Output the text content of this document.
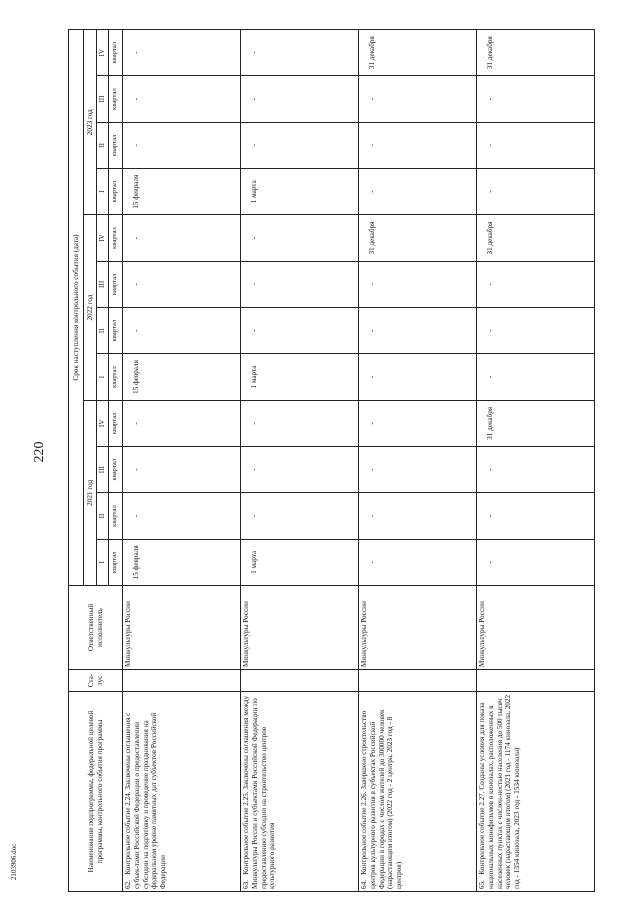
220
2103906.doc	Наименование подпрограммы, федеральной целевой программы, контрольного события программы	Ста-тус	Ответственный исполнитель	Срок наступления контрольного события (дата)											
			2021 год				2022 год				2023 год			
			I	II	III	IV	I	II	III	IV	I	II	III	IV
			квартал	квартал	квартал	квартал	квартал	квартал	квартал	квартал	квартал	квартал	квартал	квартал
62.   Контрольное событие 2.24. Заключены соглашения с субъек-тами Российской Федерации о предоставлении субсидии на подготовку и проведение празднования на федеральном уровне памятных дат субъектов Российской Федерации		Минкультуры России	15 февраля	-	-	-	15 февраля	-	-	-	15 февраля	-	-	-
63.   Контрольное событие 2.25. Заключены соглашения между Минкультуры России и субъектами Российской Федерации по предоставлению субсидии на строительство центров культурного развития		Минкультуры России	1 марта	-	-	-	1 марта	-	-	-	1 марта	-	-	-
64.   Контрольное событие 2.26. Завершено строительство центров культурного развития в субъектах Российской Федерации в городах с числом жителей до 300000 человек (нарастающим итогом) (2022 год - 2 центра, 2023 год - 8 центров)		Минкультуры России	-	-	-	-	-	-	-	31 декабря	-	-	-	31 декабря
65.   Контрольное событие 2.27. Созданы условия для показа национальных кинофильмов в кинозалах, расположенных в населенных пунктах с числен-ностью населения до 500 тысяч человек (нарастающим итогом) (2021 год - 1174 кинозала, 2022 год - 1354 кинозала, 2023 год - 1534 кинозала)		Минкультуры России	-	-	-	31 декабря	-	-	-	31 декабря	-	-	-	31 декабря
